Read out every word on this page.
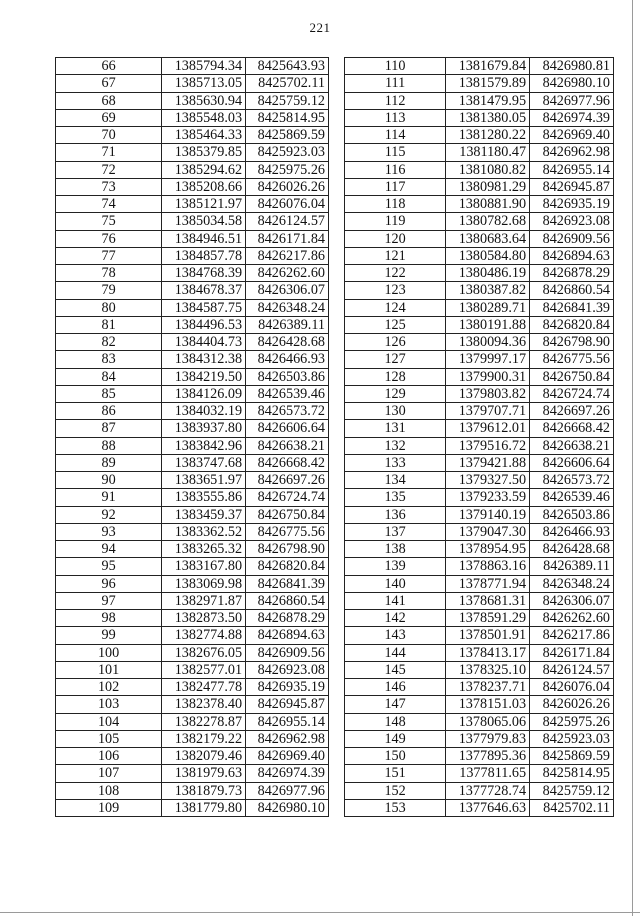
221
66	1385794.34	8425643.93
67	1385713.05	8425702.11
68	1385630.94	8425759.12
69	1385548.03	8425814.95
70	1385464.33	8425869.59
71	1385379.85	8425923.03
72	1385294.62	8425975.26
73	1385208.66	8426026.26
74	1385121.97	8426076.04
75	1385034.58	8426124.57
76	1384946.51	8426171.84
77	1384857.78	8426217.86
78	1384768.39	8426262.60
79	1384678.37	8426306.07
80	1384587.75	8426348.24
81	1384496.53	8426389.11
82	1384404.73	8426428.68
83	1384312.38	8426466.93
84	1384219.50	8426503.86
85	1384126.09	8426539.46
86	1384032.19	8426573.72
87	1383937.80	8426606.64
88	1383842.96	8426638.21
89	1383747.68	8426668.42
90	1383651.97	8426697.26
91	1383555.86	8426724.74
92	1383459.37	8426750.84
93	1383362.52	8426775.56
94	1383265.32	8426798.90
95	1383167.80	8426820.84
96	1383069.98	8426841.39
97	1382971.87	8426860.54
98	1382873.50	8426878.29
99	1382774.88	8426894.63
100	1382676.05	8426909.56
101	1382577.01	8426923.08
102	1382477.78	8426935.19
103	1382378.40	8426945.87
104	1382278.87	8426955.14
105	1382179.22	8426962.98
106	1382079.46	8426969.40
107	1381979.63	8426974.39
108	1381879.73	8426977.96
109	1381779.80	8426980.10
110	1381679.84	8426980.81
111	1381579.89	8426980.10
112	1381479.95	8426977.96
113	1381380.05	8426974.39
114	1381280.22	8426969.40
115	1381180.47	8426962.98
116	1381080.82	8426955.14
117	1380981.29	8426945.87
118	1380881.90	8426935.19
119	1380782.68	8426923.08
120	1380683.64	8426909.56
121	1380584.80	8426894.63
122	1380486.19	8426878.29
123	1380387.82	8426860.54
124	1380289.71	8426841.39
125	1380191.88	8426820.84
126	1380094.36	8426798.90
127	1379997.17	8426775.56
128	1379900.31	8426750.84
129	1379803.82	8426724.74
130	1379707.71	8426697.26
131	1379612.01	8426668.42
132	1379516.72	8426638.21
133	1379421.88	8426606.64
134	1379327.50	8426573.72
135	1379233.59	8426539.46
136	1379140.19	8426503.86
137	1379047.30	8426466.93
138	1378954.95	8426428.68
139	1378863.16	8426389.11
140	1378771.94	8426348.24
141	1378681.31	8426306.07
142	1378591.29	8426262.60
143	1378501.91	8426217.86
144	1378413.17	8426171.84
145	1378325.10	8426124.57
146	1378237.71	8426076.04
147	1378151.03	8426026.26
148	1378065.06	8425975.26
149	1377979.83	8425923.03
150	1377895.36	8425869.59
151	1377811.65	8425814.95
152	1377728.74	8425759.12
153	1377646.63	8425702.11
